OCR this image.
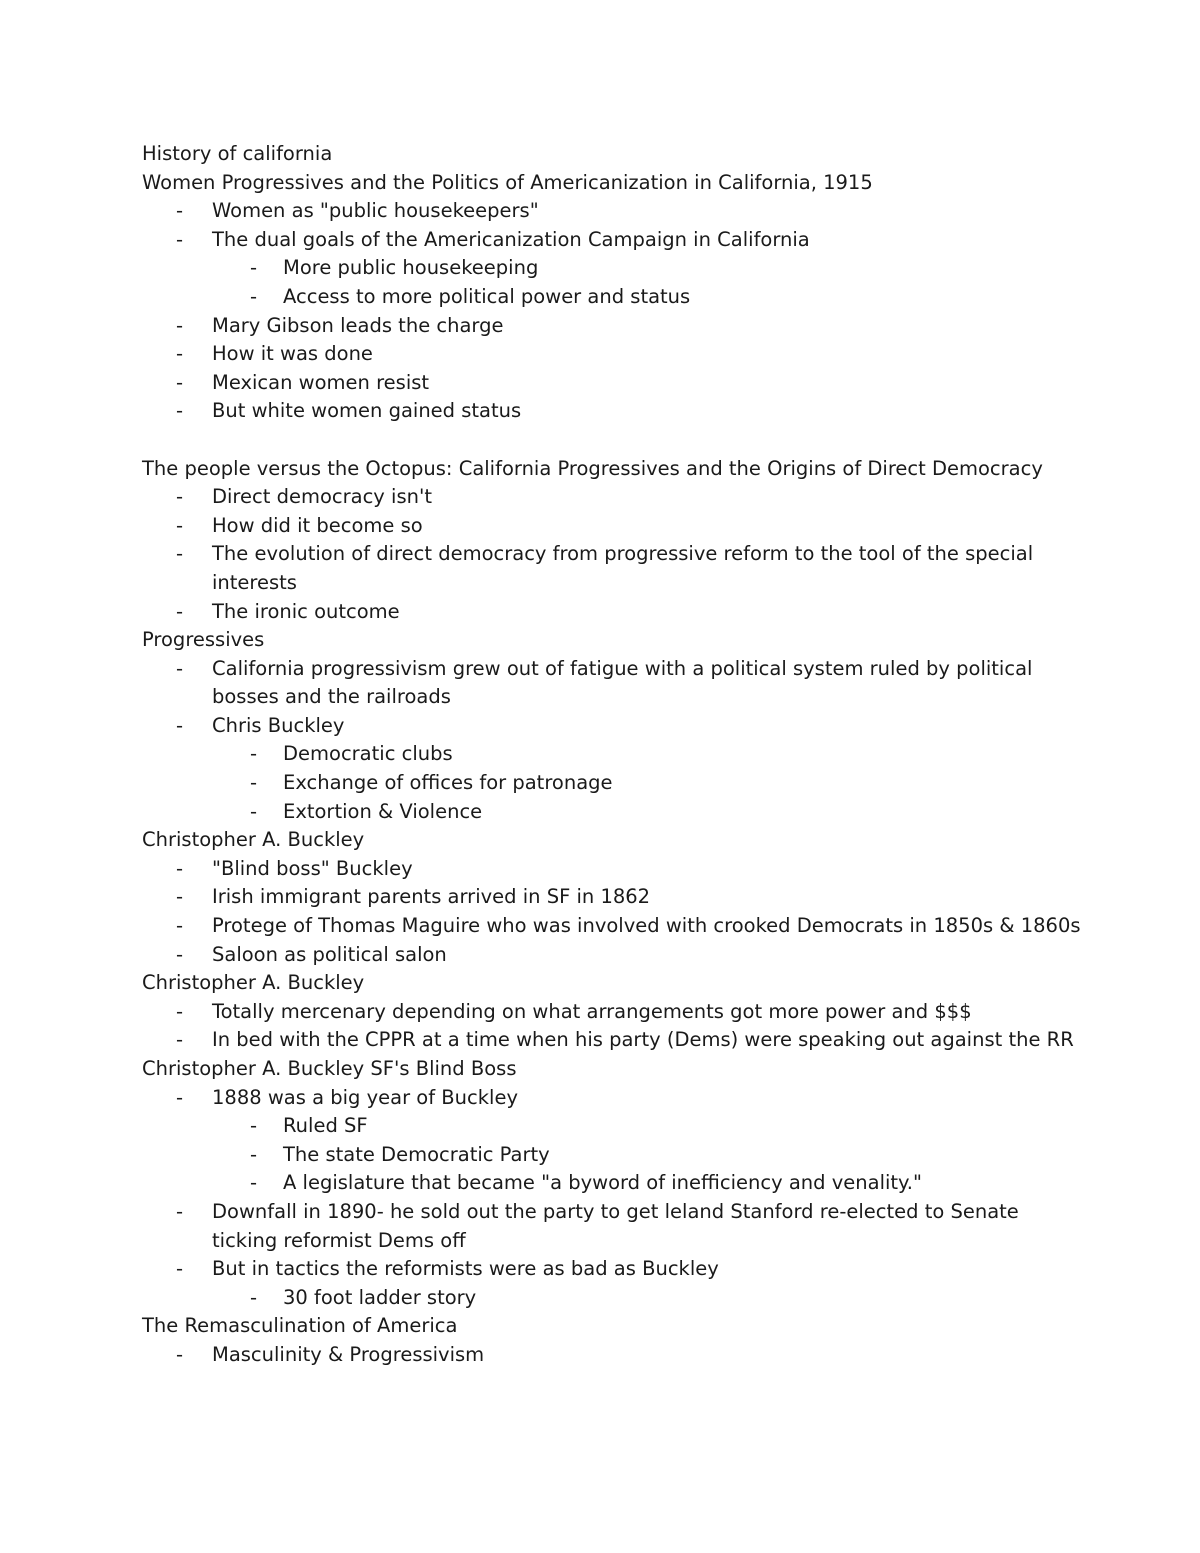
History of california
Women Progressives and the Politics of Americanization in California, 1915
- Women as "public housekeepers"
- The dual goals of the Americanization Campaign in California
- More public housekeeping
- Access to more political power and status
- Mary Gibson leads the charge
- How it was done
- Mexican women resist
- But white women gained status
The people versus the Octopus: California Progressives and the Origins of Direct Democracy
- Direct democracy isn't
- How did it become so
- The evolution of direct democracy from progressive reform to the tool of the special interests
- The ironic outcome
Progressives
- California progressivism grew out of fatigue with a political system ruled by political bosses and the railroads
- Chris Buckley
- Democratic clubs
- Exchange of offices for patronage
- Extortion & Violence
Christopher A. Buckley
- "Blind boss" Buckley
- Irish immigrant parents arrived in SF in 1862
- Protege of Thomas Maguire who was involved with crooked Democrats in 1850s & 1860s
- Saloon as political salon
Christopher A. Buckley
- Totally mercenary depending on what arrangements got more power and $$$
- In bed with the CPPR at a time when his party (Dems) were speaking out against the RR
Christopher A. Buckley SF's Blind Boss
- 1888 was a big year of Buckley
- Ruled SF
- The state Democratic Party
- A legislature that became "a byword of inefficiency and venality."
- Downfall in 1890- he sold out the party to get leland Stanford re-elected to Senate ticking reformist Dems off
- But in tactics the reformists were as bad as Buckley
- 30 foot ladder story
The Remasculination of America
- Masculinity & Progressivism
